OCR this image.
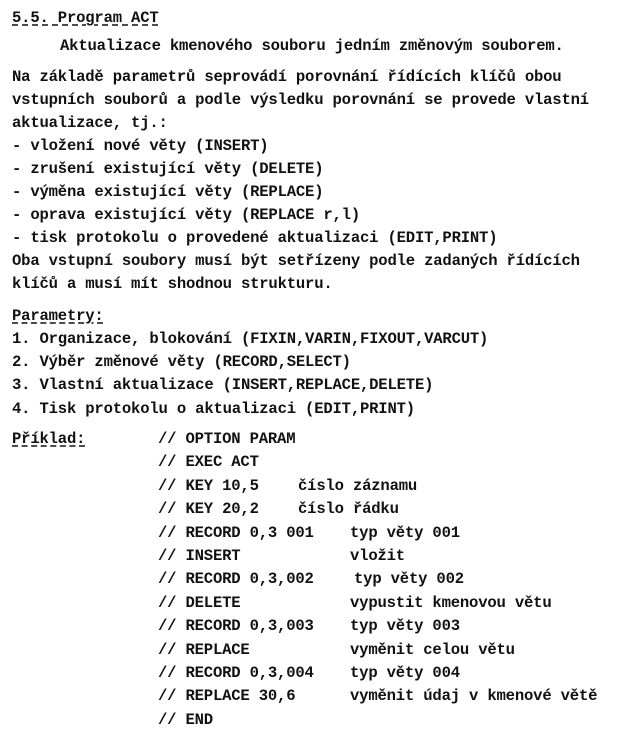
5.5. Program ACT
Aktualizace kmenového souboru jedním změnovým souborem.
Na základě parametrů seprovádí porovnání řídících klíčů obou
vstupních souborů a podle výsledku porovnání se provede vlastní
aktualizace, tj.:
- vložení nové věty (INSERT)
- zrušení existující věty (DELETE)
- výměna existující věty (REPLACE)
- oprava existující věty (REPLACE r,l)
- tisk protokolu o provedené aktualizaci (EDIT,PRINT)
Oba vstupní soubory musí být setřízeny podle zadaných řídících
klíčů a musí mít shodnou strukturu.
Parametry:
1. Organizace, blokování (FIXIN,VARIN,FIXOUT,VARCUT)
2. Výběr změnové věty (RECORD,SELECT)
3. Vlastní aktualizace (INSERT,REPLACE,DELETE)
4. Tisk protokolu o aktualizaci (EDIT,PRINT)
Příklad:	// OPTION PARAM
// EXEC ACT
// KEY 10,5	číslo záznamu
// KEY 20,2	číslo řádku
// RECORD 0,3 001 typ věty 001
// INSERT	vložit
// RECORD 0,3,002	typ věty 002
// DELETE	vypustit kmenovou větu
// RECORD 0,3,003 typ věty 003
// REPLACE	vyměnit celou větu
// RECORD 0,3,004 typ věty 004
// REPLACE 30,6	vyměnit údaj v kmenové větě
// END
